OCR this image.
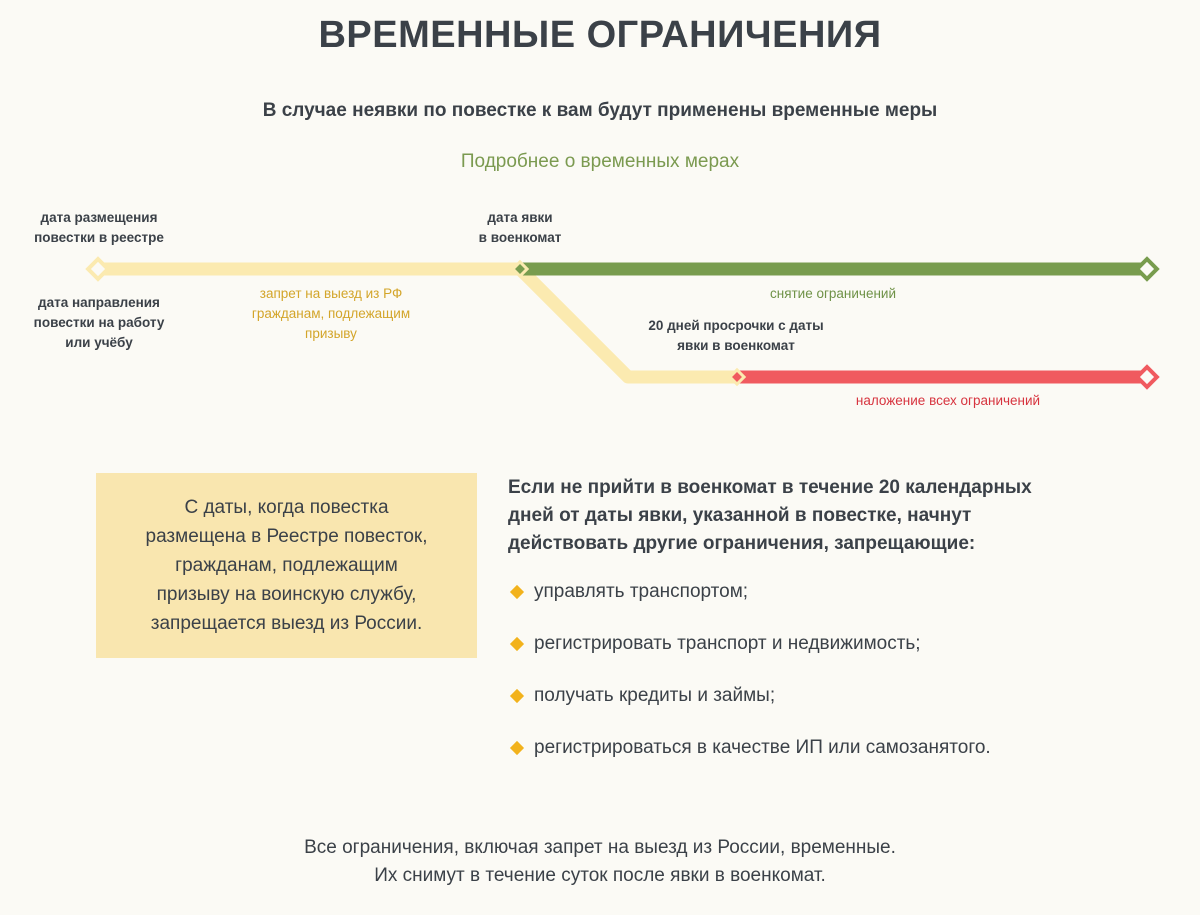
ВРЕМЕННЫЕ ОГРАНИЧЕНИЯ
В случае неявки по повестке к вам будут применены временные меры
Подробнее о временных мерах
дата размещения
повестки в реестре
дата направления
повестки на работу
или учёбу
запрет на выезд из РФ
гражданам, подлежащим
призыву
дата явки
в военкомат
снятие ограничений
20 дней просрочки с даты
явки в военкомат
наложение всех ограничений
С даты, когда повестка
размещена в Реестре повесток,
гражданам, подлежащим
призыву на воинскую службу,
запрещается выезд из России.
Если не прийти в военкомат в течение 20 календарных
дней от даты явки, указанной в повестке, начнут
действовать другие ограничения, запрещающие:
управлять транспортом;
регистрировать транспорт и недвижимость;
получать кредиты и займы;
регистрироваться в качестве ИП или самозанятого.
Все ограничения, включая запрет на выезд из России, временные.
Их снимут в течение суток после явки в военкомат.
